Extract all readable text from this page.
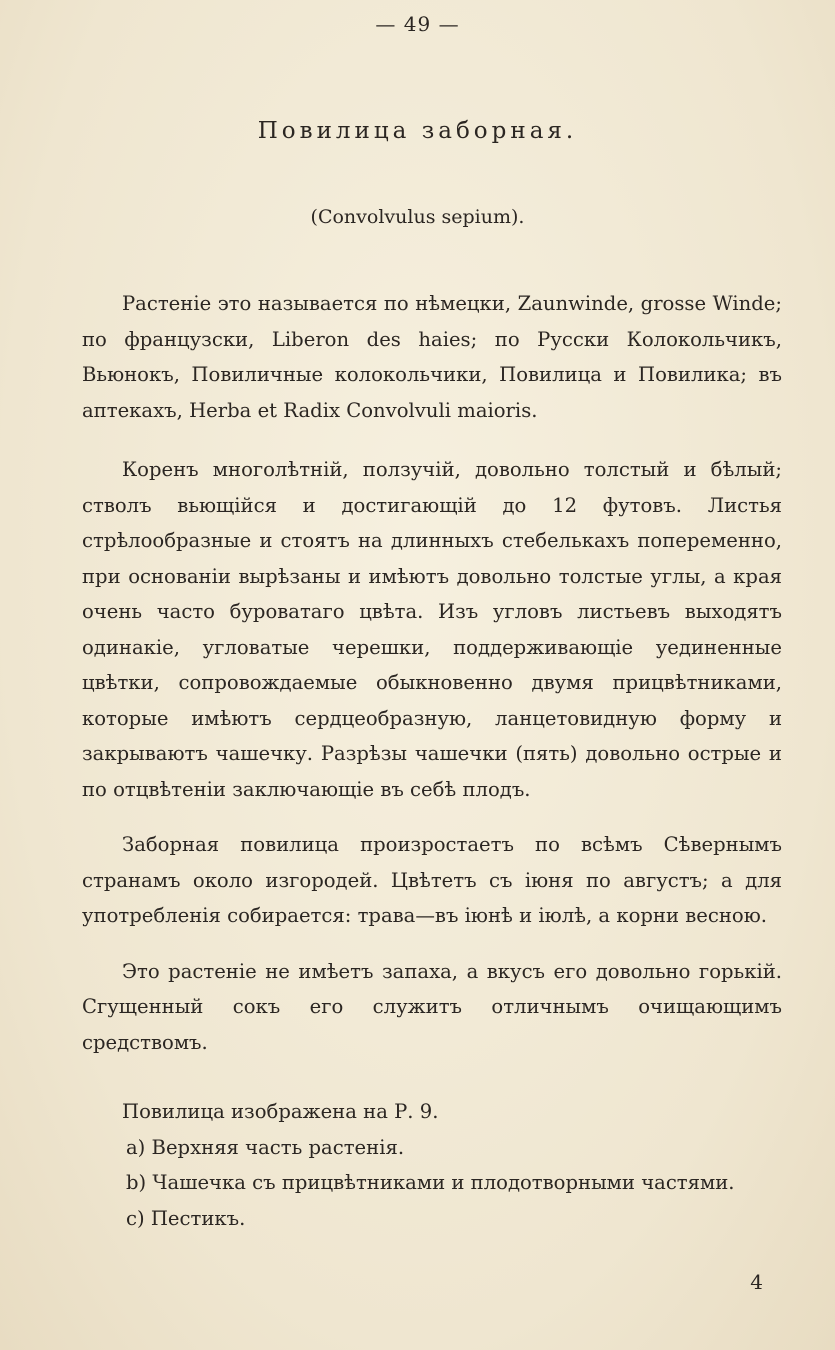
— 49 —
Повилица заборная.
(Convolvulus sepium).

Растеніе это называется по нѣмецки, Zaunwinde, grosse Winde; по французски, Liberon des haies; по Русски Колокольчикъ, Вьюнокъ, Повиличные колокольчики, Повилица и Повилика; въ аптекахъ, Herba et Radix Convolvuli maioris.

Коренъ многолѣтній, ползучій, довольно толстый и бѣлый; стволъ вьющійся и достигающій до 12 футовъ. Листья стрѣлообразные и стоятъ на длинныхъ стебелькахъ попеременно, при основаніи вырѣзаны и имѣютъ довольно толстые углы, а края очень часто буроватаго цвѣта. Изъ угловъ листьевъ выходятъ одинакіе, угловатые черешки, поддерживающіе уединенные цвѣтки, сопровождаемые обыкновенно двумя прицвѣтниками, которые имѣютъ сердцеобразную, ланцетовидную форму и закрываютъ чашечку. Разрѣзы чашечки (пять) довольно острые и по отцвѣтеніи заключающіе въ себѣ плодъ.

Заборная повилица произростаетъ по всѣмъ Сѣвернымъ странамъ около изгородей. Цвѣтетъ съ іюня по августъ; а для употребленія собирается: трава—въ іюнѣ и іюлѣ, а корни весною.

Это растеніе не имѣетъ запаха, а вкусъ его довольно горькій. Сгущенный сокъ его служитъ отличнымъ очищающимъ средствомъ.

Повилица изображена на Р. 9.
a) Верхняя часть растенія.
b) Чашечка съ прицвѣтниками и плодотворными частями.
c) Пестикъ.
4
